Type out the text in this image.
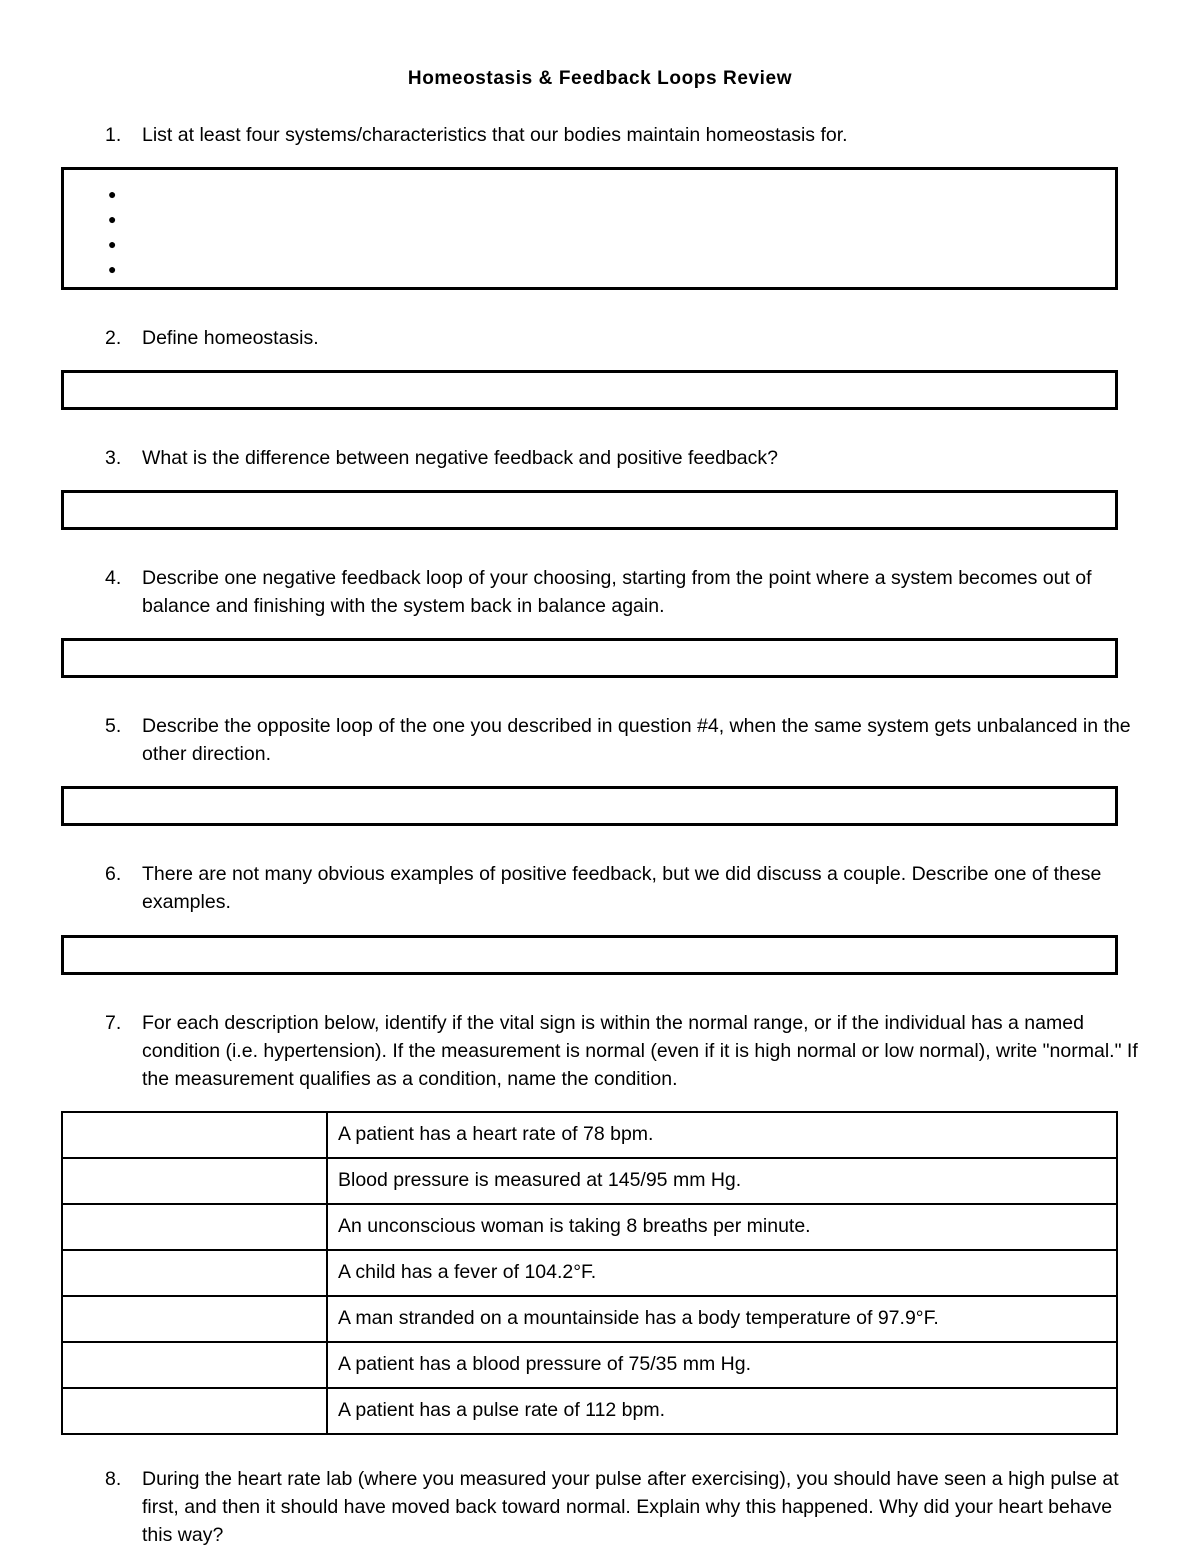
Homeostasis & Feedback Loops Review
1.	List at least four systems/characteristics that our bodies maintain homeostasis for.
●
●
●
●
2.	Define homeostasis.
3.	What is the difference between negative feedback and positive feedback?
4.	Describe one negative feedback loop of your choosing, starting from the point where a system becomes out of balance and finishing with the system back in balance again.
5.	Describe the opposite loop of the one you described in question #4, when the same system gets unbalanced in the other direction.
6.	There are not many obvious examples of positive feedback, but we did discuss a couple. Describe one of these examples.
7.	For each description below, identify if the vital sign is within the normal range, or if the individual has a named condition (i.e. hypertension). If the measurement is normal (even if it is high normal or low normal), write "normal." If the measurement qualifies as a condition, name the condition.
	A patient has a heart rate of 78 bpm.
	Blood pressure is measured at 145/95 mm Hg.
	An unconscious woman is taking 8 breaths per minute.
	A child has a fever of 104.2°F.
	A man stranded on a mountainside has a body temperature of 97.9°F.
	A patient has a blood pressure of 75/35 mm Hg.
	A patient has a pulse rate of 112 bpm.
8.	During the heart rate lab (where you measured your pulse after exercising), you should have seen a high pulse at first, and then it should have moved back toward normal. Explain why this happened. Why did your heart behave this way?
